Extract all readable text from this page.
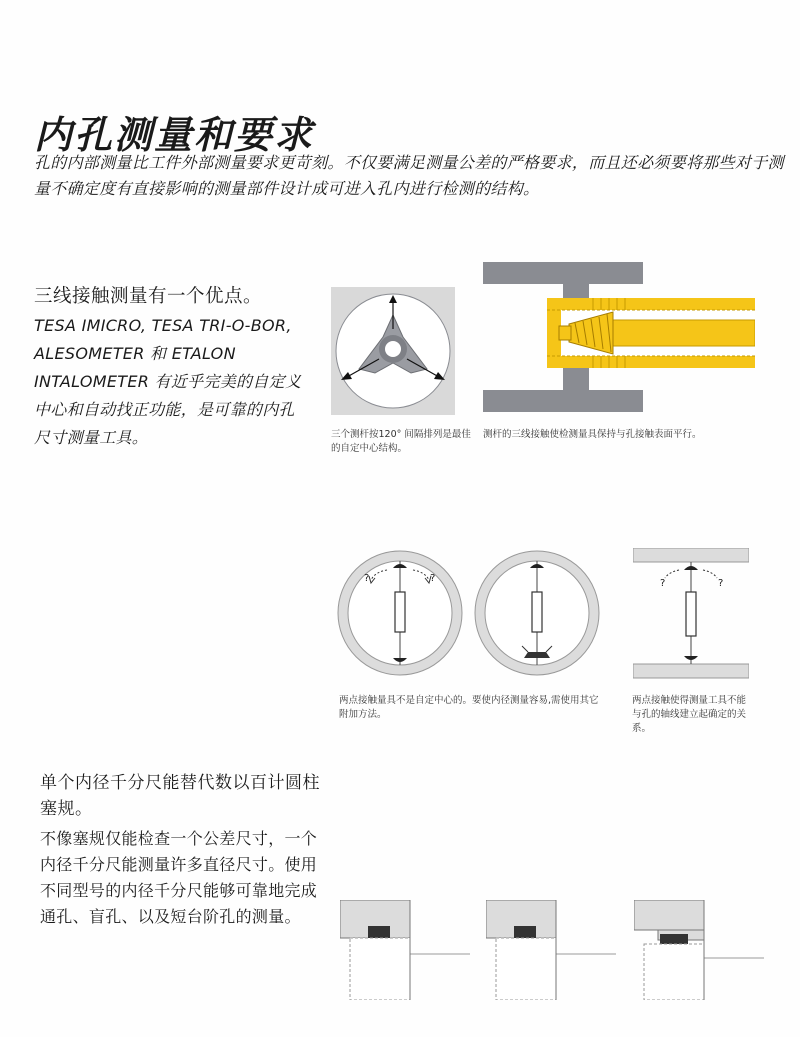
内孔测量和要求

孔的内部测量比工件外部测量要求更苛刻。不仅要满足测量公差的严格要求，而且还必须要将那些对于测量不确定度有直接影响的测量部件设计成可进入孔内进行检测的结构。

三线接触测量有一个优点。

TESA IMICRO, TESA TRI-O-BOR, ALESOMETER 和 ETALON INTALOMETER 有近乎完美的自定义中心和自动找正功能，是可靠的内孔尺寸测量工具。	三个测杆按120° 间隔排列是最佳的自定中心结构。

测杆的三线接触使检测量具保持与孔接触表面平行。

?	?	?	?

两点接触量具不是自定中心的。要使内径测量容易,需使用其它附加方法。

两点接触使得测量工具不能与孔的轴线建立起确定的关系。

单个内径千分尺能替代数以百计圆柱塞规。

不像塞规仅能检查一个公差尺寸，一个内径千分尺能测量许多直径尺寸。使用不同型号的内径千分尺能够可靠地完成通孔、盲孔、以及短台阶孔的测量。
